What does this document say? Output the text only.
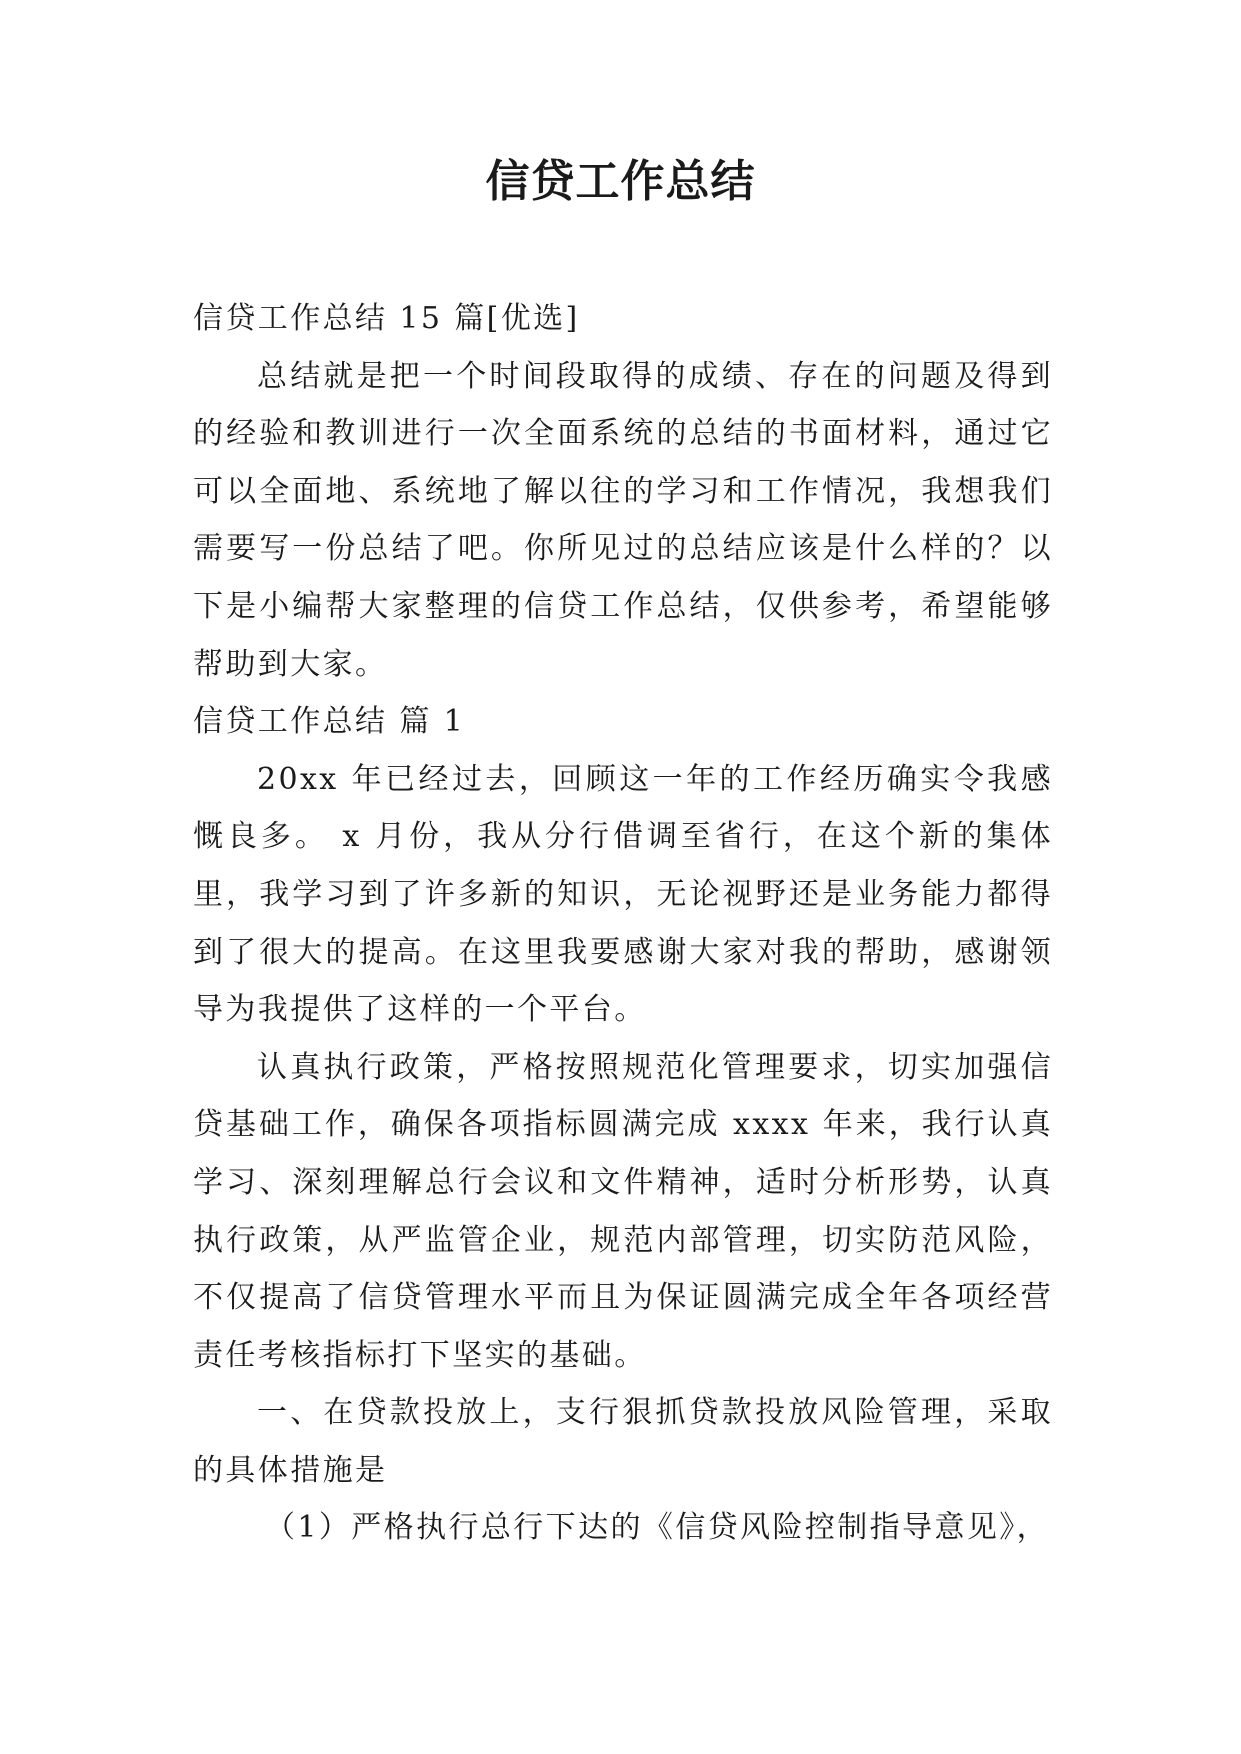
信贷工作总结

信贷工作总结 15 篇[优选]

总结就是把一个时间段取得的成绩、存在的问题及得到的经验和教训进行一次全面系统的总结的书面材料，通过它可以全面地、系统地了解以往的学习和工作情况，我想我们需要写一份总结了吧。你所见过的总结应该是什么样的？以下是小编帮大家整理的信贷工作总结，仅供参考，希望能够帮助到大家。

信贷工作总结 篇 1

20xx 年已经过去，回顾这一年的工作经历确实令我感慨良多。 x 月份，我从分行借调至省行，在这个新的集体里，我学习到了许多新的知识，无论视野还是业务能力都得到了很大的提高。在这里我要感谢大家对我的帮助，感谢领导为我提供了这样的一个平台。

认真执行政策，严格按照规范化管理要求，切实加强信贷基础工作，确保各项指标圆满完成 xxxx 年来，我行认真学习、深刻理解总行会议和文件精神，适时分析形势，认真执行政策，从严监管企业，规范内部管理，切实防范风险，不仅提高了信贷管理水平而且为保证圆满完成全年各项经营责任考核指标打下坚实的基础。

一、在贷款投放上，支行狠抓贷款投放风险管理，采取的具体措施是

（1）严格执行总行下达的《信贷风险控制指导意见》，
